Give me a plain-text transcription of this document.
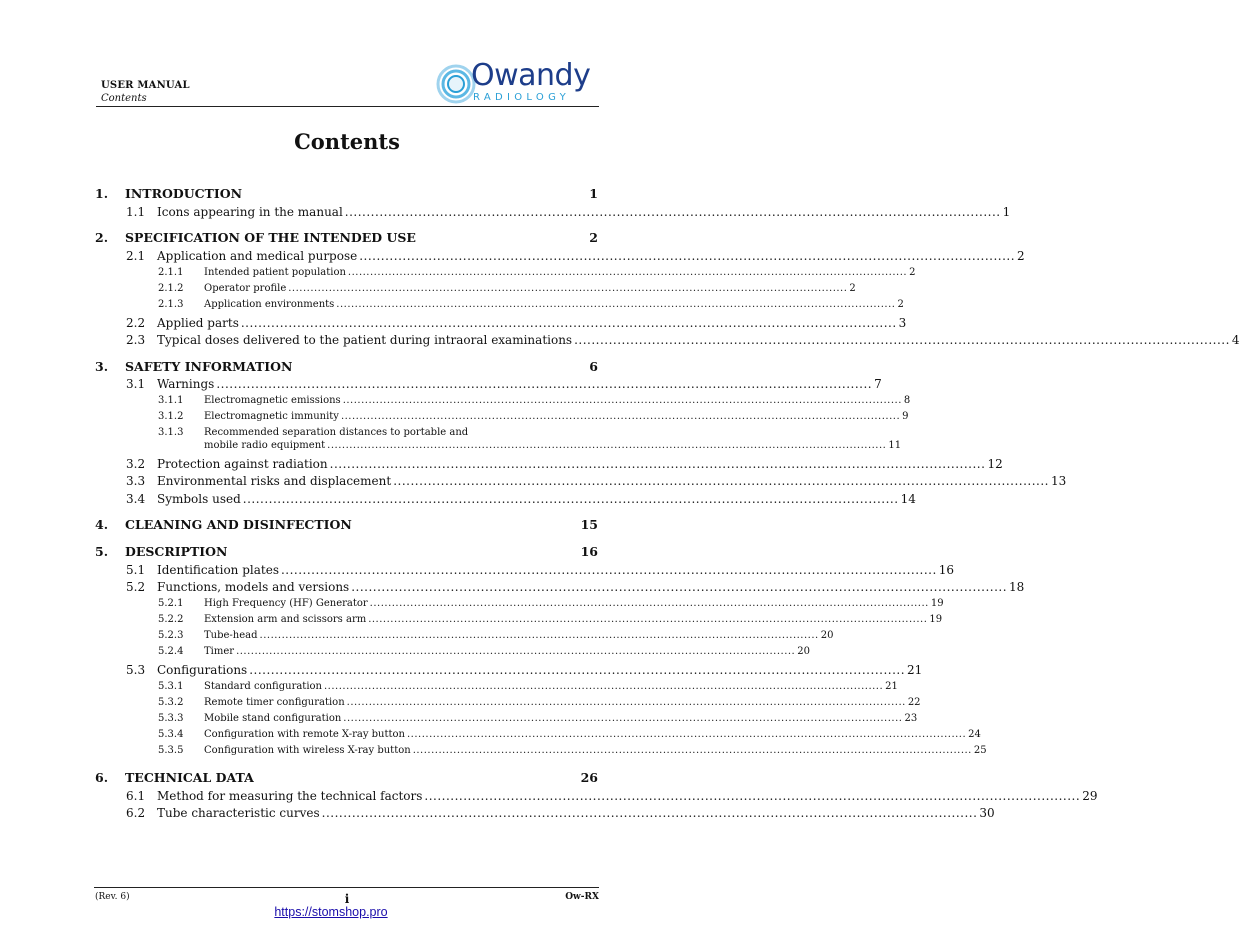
USER MANUAL
Contents
Owandy
RADIOLOGY
Contents
1. INTRODUCTION	1
1.1 Icons appearing in the manual ........................................................................................................................................................ 1
2. SPECIFICATION OF THE INTENDED USE	2
2.1 Application and medical purpose ........................................................................................................................................................ 2
2.1.1 Intended patient population ........................................................................................................................................................ 2
2.1.2 Operator profile ........................................................................................................................................................ 2
2.1.3 Application environments ........................................................................................................................................................ 2
2.2 Applied parts ........................................................................................................................................................ 3
2.3 Typical doses delivered to the patient during intraoral examinations ........................................................................................................................................................ 4
3. SAFETY INFORMATION	6
3.1 Warnings ........................................................................................................................................................ 7
3.1.1 Electromagnetic emissions ........................................................................................................................................................ 8
3.1.2 Electromagnetic immunity ........................................................................................................................................................ 9
3.1.3 Recommended separation distances to portable and
mobile radio equipment ........................................................................................................................................................ 11
3.2 Protection against radiation ........................................................................................................................................................ 12
3.3 Environmental risks and displacement ........................................................................................................................................................ 13
3.4 Symbols used ........................................................................................................................................................ 14
4. CLEANING AND DISINFECTION	15
5. DESCRIPTION	16
5.1 Identification plates ........................................................................................................................................................ 16
5.2 Functions, models and versions ........................................................................................................................................................ 18
5.2.1 High Frequency (HF) Generator ........................................................................................................................................................ 19
5.2.2 Extension arm and scissors arm ........................................................................................................................................................ 19
5.2.3 Tube-head ........................................................................................................................................................ 20
5.2.4 Timer ........................................................................................................................................................ 20
5.3 Configurations ........................................................................................................................................................ 21
5.3.1 Standard configuration ........................................................................................................................................................ 21
5.3.2 Remote timer configuration ........................................................................................................................................................ 22
5.3.3 Mobile stand configuration ........................................................................................................................................................ 23
5.3.4 Configuration with remote X-ray button ........................................................................................................................................................ 24
5.3.5 Configuration with wireless X-ray button ........................................................................................................................................................ 25
6. TECHNICAL DATA	26
6.1 Method for measuring the technical factors ........................................................................................................................................................ 29
6.2 Tube characteristic curves ........................................................................................................................................................ 30
(Rev. 6)	i	Ow-RX
https://stomshop.pro
